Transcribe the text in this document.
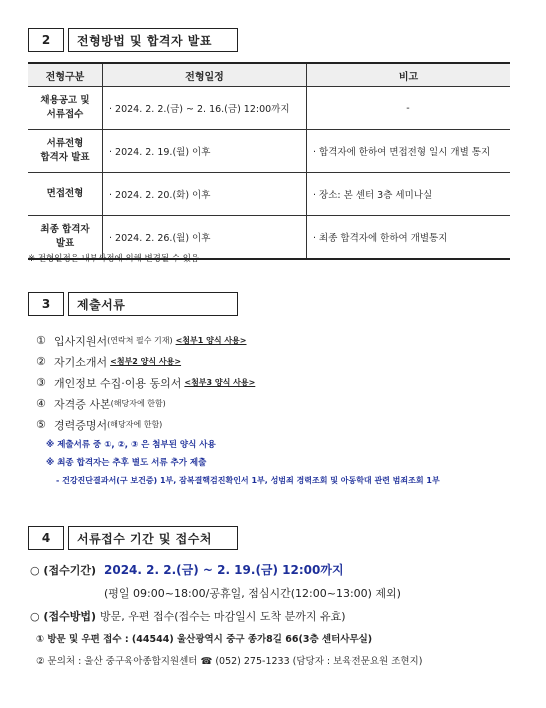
2	전형방법 및 합격자 발표
전형구분	전형일정	비고

채용공고 및
서류접수	· 2024. 2. 2.(금) ~ 2. 16.(금) 12:00까지	-

서류전형
합격자 발표	· 2024. 2. 19.(월) 이후	· 합격자에 한하여 면접전형 일시 개별 통지

면접전형	· 2024. 2. 20.(화) 이후	· 장소: 본 센터 3층 세미나실

최종 합격자
발표	· 2024. 2. 26.(월) 이후	· 최종 합격자에 한하여 개별통지
※ 전형일정은 내부사정에 의해 변경될 수 있음
3	제출서류
① 입사지원서 (연락처 필수 기재) <첨부1 양식 사용>
② 자기소개서 <첨부2 양식 사용>
③ 개인정보 수집·이용 동의서 <첨부3 양식 사용>
④ 자격증 사본 (해당자에 한함)
⑤ 경력증명서 (해당자에 한함)
※ 제출서류 중 ①, ②, ③ 은 첨부된 양식 사용
※ 최종 합격자는 추후 별도 서류 추가 제출
- 건강진단결과서(구 보건증) 1부, 잠복결핵검진확인서 1부, 성범죄 경력조회 및 아동학대 관련 범죄조회 1부
4	서류접수 기간 및 접수처
○ (접수기간) 2024. 2. 2.(금) ~ 2. 19.(금) 12:00까지
(평일 09:00~18:00/공휴일, 점심시간(12:00~13:00) 제외)
○ (접수방법) 방문, 우편 접수(접수는 마감일시 도착 분까지 유효)
① 방문 및 우편 접수 : (44544) 울산광역시 중구 종가8길 66(3층 센터사무실)
② 문의처 : 울산 중구육아종합지원센터 ☎ (052) 275-1233 (담당자 : 보육전문요원 조현지)
